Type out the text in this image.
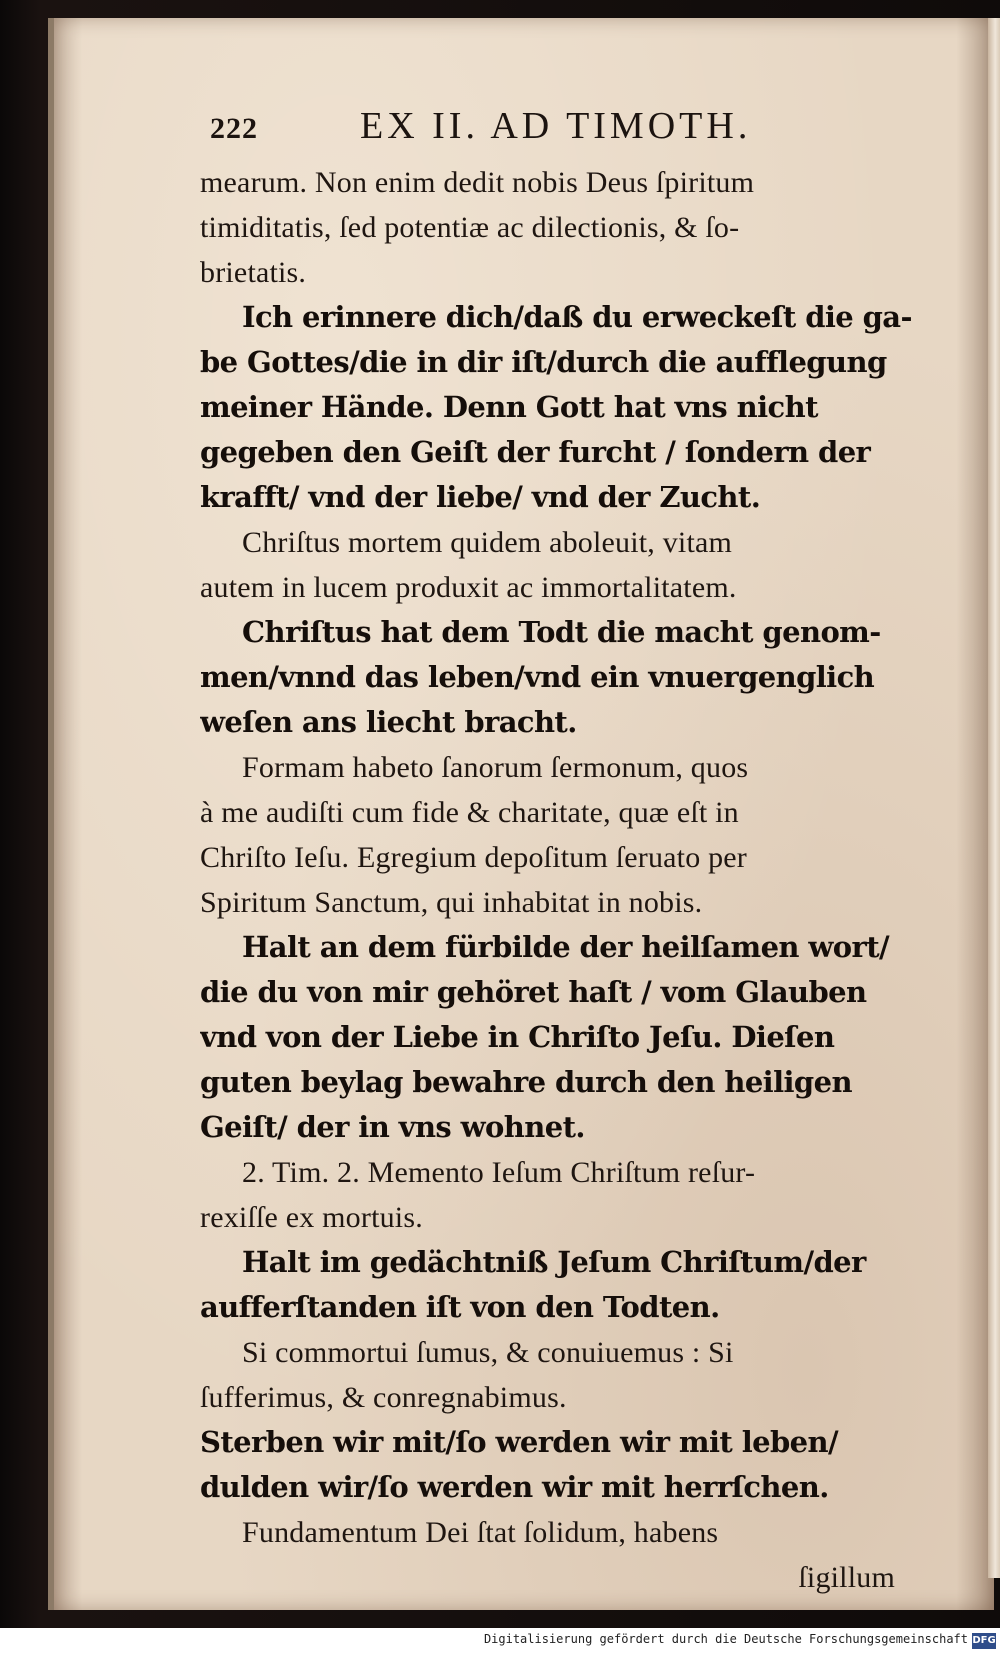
222	EX II. AD TIMOTH.
mearum. Non enim dedit nobis Deus ſpiritum
timiditatis, ſed potentiæ ac dilectionis, & ſo-
brietatis.
Ich erinnere dich/daß du erweckeſt die ga-
be Gottes/die in dir iſt/durch die aufflegung
meiner Hände. Denn Gott hat vns nicht
gegeben den Geiſt der furcht / ſondern der
krafft/ vnd der liebe/ vnd der Zucht.
Chriſtus mortem quidem aboleuit, vitam
autem in lucem produxit ac immortalitatem.
Chriſtus hat dem Todt die macht genom-
men/vnnd das leben/vnd ein vnuergenglich
weſen ans liecht bracht.
Formam habeto ſanorum ſermonum, quos
à me audiſti cum fide & charitate, quæ eſt in
Chriſto Ieſu. Egregium depoſitum ſeruato per
Spiritum Sanctum, qui inhabitat in nobis.
Halt an dem fürbilde der heilſamen wort/
die du von mir gehöret haſt / vom Glauben
vnd von der Liebe in Chriſto Jeſu. Dieſen
guten beylag bewahre durch den heiligen
Geiſt/ der in vns wohnet.
2. Tim. 2. Memento Ieſum Chriſtum reſur-
rexiſſe ex mortuis.
Halt im gedächtniß Jeſum Chriſtum/der
aufferſtanden iſt von den Todten.
Si commortui ſumus, & conuiuemus : Si
ſufferimus, & conregnabimus.
Sterben wir mit/ſo werden wir mit leben/
dulden wir/ſo werden wir mit herrſchen.
Fundamentum Dei ſtat ſolidum, habens
ſigillum
Digitalisierung gefördert durch die Deutsche Forschungsgemeinschaft DFG
